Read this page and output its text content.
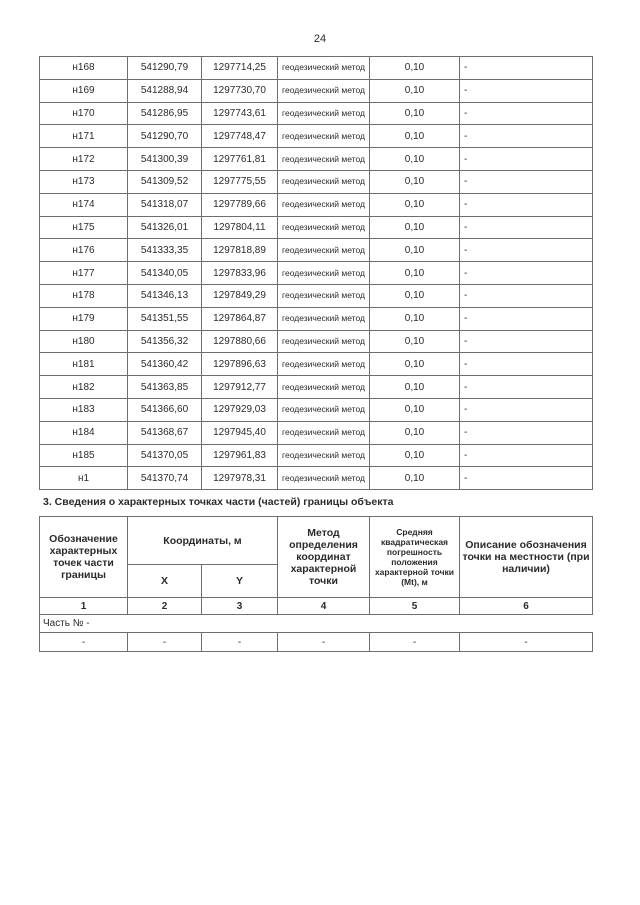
24
н168	541290,79	1297714,25	геодезический метод	0,10	-
н169	541288,94	1297730,70	геодезический метод	0,10	-
н170	541286,95	1297743,61	геодезический метод	0,10	-
н171	541290,70	1297748,47	геодезический метод	0,10	-
н172	541300,39	1297761,81	геодезический метод	0,10	-
н173	541309,52	1297775,55	геодезический метод	0,10	-
н174	541318,07	1297789,66	геодезический метод	0,10	-
н175	541326,01	1297804,11	геодезический метод	0,10	-
н176	541333,35	1297818,89	геодезический метод	0,10	-
н177	541340,05	1297833,96	геодезический метод	0,10	-
н178	541346,13	1297849,29	геодезический метод	0,10	-
н179	541351,55	1297864,87	геодезический метод	0,10	-
н180	541356,32	1297880,66	геодезический метод	0,10	-
н181	541360,42	1297896,63	геодезический метод	0,10	-
н182	541363,85	1297912,77	геодезический метод	0,10	-
н183	541366,60	1297929,03	геодезический метод	0,10	-
н184	541368,67	1297945,40	геодезический метод	0,10	-
н185	541370,05	1297961,83	геодезический метод	0,10	-
н1	541370,74	1297978,31	геодезический метод	0,10	-
3. Сведения о характерных точках части (частей) границы объекта
Обозначение характерных точек части границы	Координаты, м		Метод определения координат характерной точки	Средняя квадратическая погрешность положения характерной точки (Mt), м	Описание обозначения точки на местности (при наличии)
	X	Y			
1	2	3	4	5	6
Часть № -					
-	-	-	-	-	-
